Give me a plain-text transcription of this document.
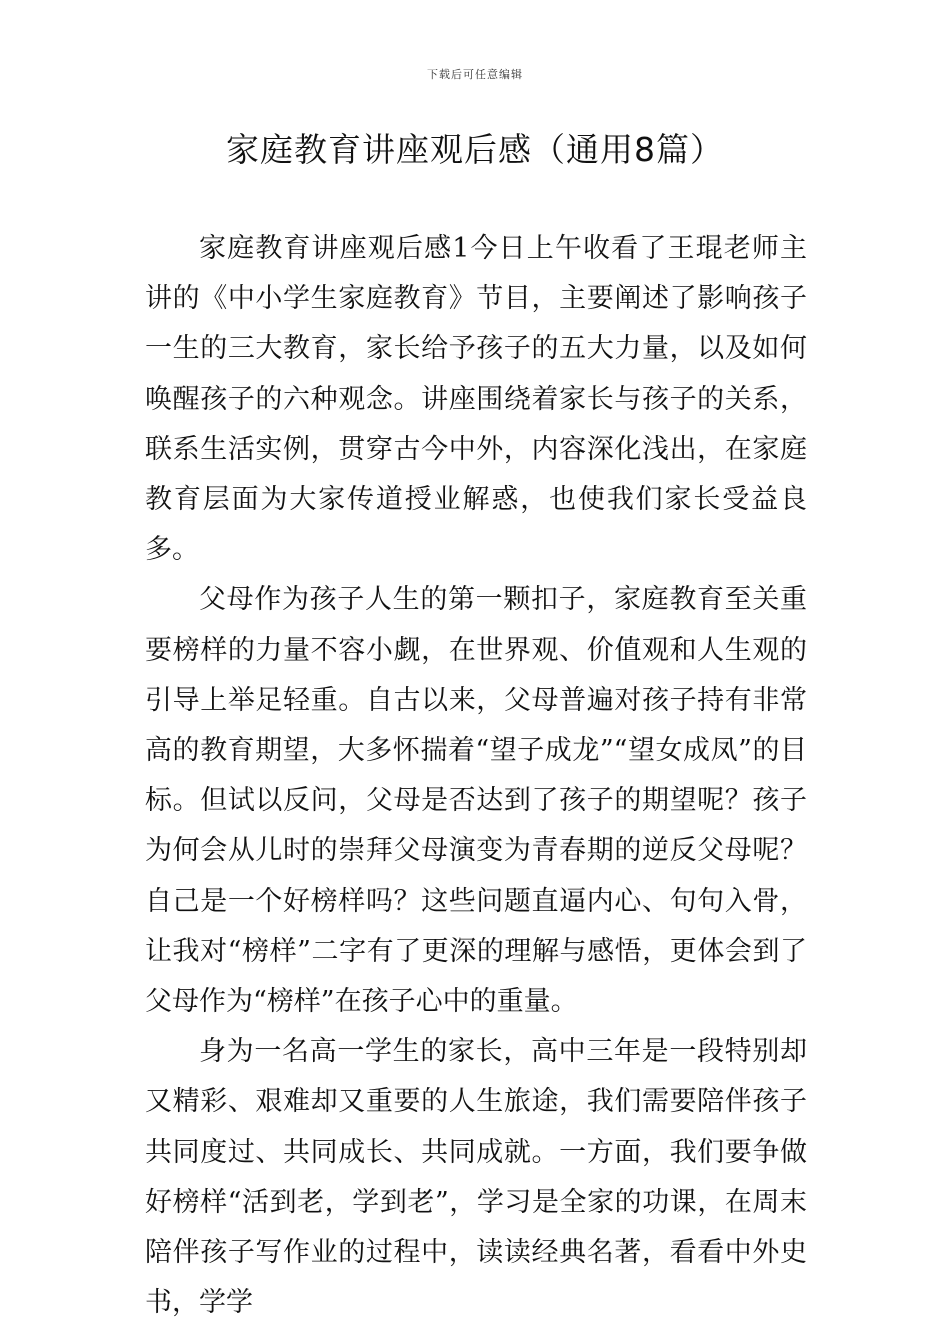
下载后可任意编辑
家庭教育讲座观后感（通用8篇）

家庭教育讲座观后感1今日上午收看了王琨老师主讲的《中小学生家庭教育》节目，主要阐述了影响孩子一生的三大教育，家长给予孩子的五大力量，以及如何唤醒孩子的六种观念。讲座围绕着家长与孩子的关系，联系生活实例，贯穿古今中外，内容深化浅出，在家庭教育层面为大家传道授业解惑，也使我们家长受益良多。

父母作为孩子人生的第一颗扣子，家庭教育至关重要榜样的力量不容小觑，在世界观、价值观和人生观的引导上举足轻重。自古以来，父母普遍对孩子持有非常高的教育期望，大多怀揣着“望子成龙”“望女成凤”的目标。但试以反问，父母是否达到了孩子的期望呢？孩子为何会从儿时的崇拜父母演变为青春期的逆反父母呢？自己是一个好榜样吗？这些问题直逼内心、句句入骨，让我对“榜样”二字有了更深的理解与感悟，更体会到了父母作为“榜样”在孩子心中的重量。

身为一名高一学生的家长，高中三年是一段特别却又精彩、艰难却又重要的人生旅途，我们需要陪伴孩子共同度过、共同成长、共同成就。一方面，我们要争做好榜样“活到老，学到老”，学习是全家的功课，在周末陪伴孩子写作业的过程中，读读经典名著，看看中外史书，学学
